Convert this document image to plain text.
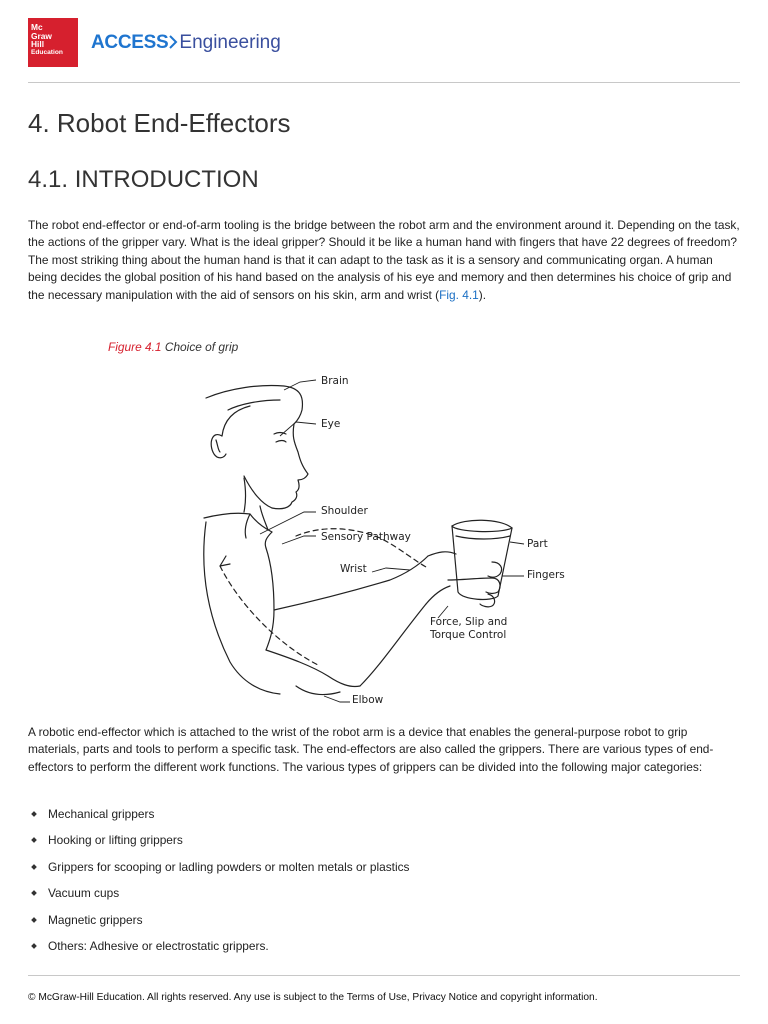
Mc
Graw
Hill
Education	ACCESS Engineering
4. Robot End-Effectors
4.1. INTRODUCTION

The robot end-effector or end-of-arm tooling is the bridge between the robot arm and the environment around it. Depending on the task, the actions of the gripper vary. What is the ideal gripper? Should it be like a human hand with fingers that have 22 degrees of freedom? The most striking thing about the human hand is that it can adapt to the task as it is a sensory and communicating organ. A human being decides the global position of his hand based on the analysis of his eye and memory and then determines his choice of grip and the necessary manipulation with the aid of sensors on his skin, arm and wrist (Fig. 4.1).

Figure 4.1 Choice of grip
Brain
Eye
Shoulder
Sensory Pathway
Wrist
Part
Fingers
Force, Slip and
Torque Control
Elbow

A robotic end-effector which is attached to the wrist of the robot arm is a device that enables the general-purpose robot to grip materials, parts and tools to perform a specific task. The end-effectors are also called the grippers. There are various types of end-effectors to perform the different work functions. The various types of grippers can be divided into the following major categories:

Mechanical grippers
Hooking or lifting grippers
Grippers for scooping or ladling powders or molten metals or plastics
Vacuum cups
Magnetic grippers
Others: Adhesive or electrostatic grippers.
© McGraw-Hill Education. All rights reserved. Any use is subject to the Terms of Use, Privacy Notice and copyright information.
